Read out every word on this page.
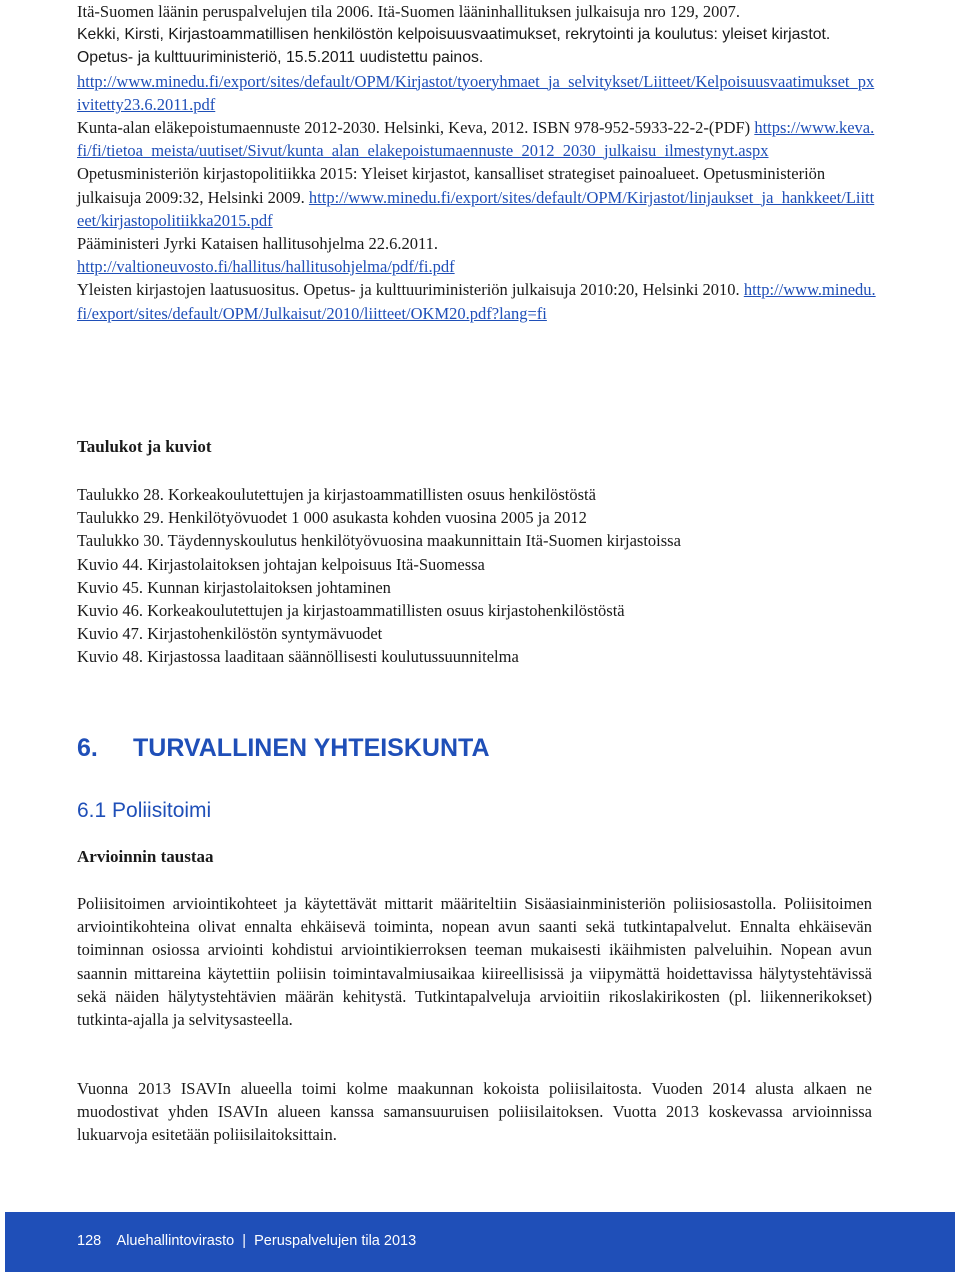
Itä-Suomen läänin peruspalvelujen tila 2006. Itä-Suomen lääninhallituksen julkaisuja nro 129, 2007.

Kekki, Kirsti, Kirjastoammatillisen henkilöstön kelpoisuusvaatimukset, rekrytointi ja koulutus: yleiset kirjastot. Opetus- ja kulttuuriministeriö, 15.5.2011 uudistettu painos.

http://www.minedu.fi/export/sites/default/OPM/Kirjastot/tyoeryhmaet_ja_selvitykset/Liitteet/Kelpoisuusvaatimukset_pxivitetty23.6.2011.pdf

Kunta-alan eläkepoistumaennuste 2012-2030. Helsinki, Keva, 2012. ISBN 978-952-5933-22-2-(PDF) https://www.keva.fi/fi/tietoa_meista/uutiset/Sivut/kunta_alan_elakepoistumaennuste_2012_2030_julkaisu_ilmestynyt.aspx

Opetusministeriön kirjastopolitiikka 2015: Yleiset kirjastot, kansalliset strategiset painoalueet. Opetusministeriön julkaisuja 2009:32, Helsinki 2009. http://www.minedu.fi/export/sites/default/OPM/Kirjastot/linjaukset_ja_hankkeet/Liitteet/kirjastopolitiikka2015.pdf

Pääministeri Jyrki Kataisen hallitusohjelma 22.6.2011.
http://valtioneuvosto.fi/hallitus/hallitusohjelma/pdf/fi.pdf

Yleisten kirjastojen laatusuositus. Opetus- ja kulttuuriministeriön julkaisuja 2010:20, Helsinki 2010. http://www.minedu.fi/export/sites/default/OPM/Julkaisut/2010/liitteet/OKM20.pdf?lang=fi

Taulukot ja kuviot

Taulukko 28. Korkeakoulutettujen ja kirjastoammatillisten osuus henkilöstöstä

Taulukko 29. Henkilötyövuodet 1 000 asukasta kohden vuosina 2005 ja 2012

Taulukko 30. Täydennyskoulutus henkilötyövuosina maakunnittain Itä-Suomen kirjastoissa

Kuvio 44. Kirjastolaitoksen johtajan kelpoisuus Itä-Suomessa

Kuvio 45. Kunnan kirjastolaitoksen johtaminen

Kuvio 46. Korkeakoulutettujen ja kirjastoammatillisten osuus kirjastohenkilöstöstä

Kuvio 47. Kirjastohenkilöstön syntymävuodet

Kuvio 48. Kirjastossa laaditaan säännöllisesti koulutussuunnitelma

6. TURVALLINEN YHTEISKUNTA
6.1 Poliisitoimi
Arvioinnin taustaa

Poliisitoimen arviointikohteet ja käytettävät mittarit määriteltiin Sisäasiainministeriön poliisiosastolla. Poliisitoimen arviointikohteina olivat ennalta ehkäisevä toiminta, nopean avun saanti sekä tutkintapalvelut. Ennalta ehkäisevän toiminnan osiossa arviointi kohdistui arviointikierroksen teeman mukaisesti ikäihmisten palveluihin. Nopean avun saannin mittareina käytettiin poliisin toimintavalmiusaikaa kiireellisissä ja viipymättä hoidettavissa hälytystehtävissä sekä näiden hälytystehtävien määrän kehitystä. Tutkintapalveluja arvioitiin rikoslakirikosten (pl. liikennerikokset) tutkinta-ajalla ja selvitysasteella.

Vuonna 2013 ISAVIn alueella toimi kolme maakunnan kokoista poliisilaitosta. Vuoden 2014 alusta alkaen ne muodostivat yhden ISAVIn alueen kanssa samansuuruisen poliisilaitoksen. Vuotta 2013 koskevassa arvioinnissa lukuarvoja esitetään poliisilaitoksittain.

128 Aluehallintovirasto | Peruspalvelujen tila 2013
